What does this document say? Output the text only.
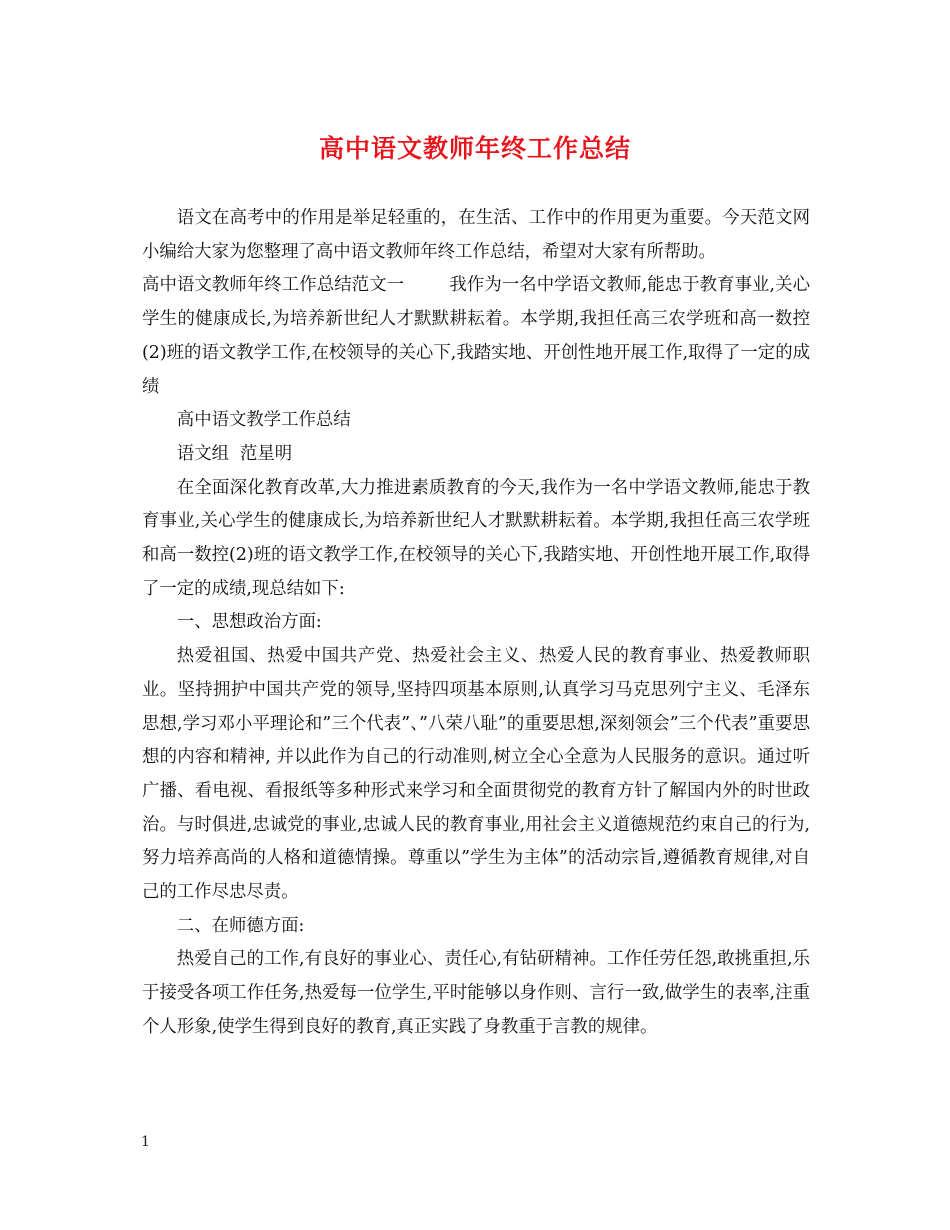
高中语文教师年终工作总结

语文在高考中的作用是举足轻重的，在生活、工作中的作用更为重要。今天范文网小编给大家为您整理了高中语文教师年终工作总结，希望对大家有所帮助。

高中语文教师年终工作总结范文一	我作为一名中学语文教师,能忠于教育事业,关心学生的健康成长,为培养新世纪人才默默耕耘着。本学期,我担任高三农学班和高一数控(2)班的语文教学工作,在校领导的关心下,我踏实地、开创性地开展工作,取得了一定的成绩

高中语文教学工作总结

语文组  范星明

在全面深化教育改革,大力推进素质教育的今天,我作为一名中学语文教师,能忠于教育事业,关心学生的健康成长,为培养新世纪人才默默耕耘着。本学期,我担任高三农学班和高一数控(2)班的语文教学工作,在校领导的关心下,我踏实地、开创性地开展工作,取得了一定的成绩,现总结如下:

一、思想政治方面:

热爱祖国、热爱中国共产党、热爱社会主义、热爱人民的教育事业、热爱教师职业。坚持拥护中国共产党的领导,坚持四项基本原则,认真学习马克思列宁主义、毛泽东思想,学习邓小平理论和”三个代表”、”八荣八耻”的重要思想,深刻领会”三个代表”重要思想的内容和精神, 并以此作为自己的行动准则,树立全心全意为人民服务的意识。通过听广播、看电视、看报纸等多种形式来学习和全面贯彻党的教育方针了解国内外的时世政治。与时俱进,忠诚党的事业,忠诚人民的教育事业,用社会主义道德规范约束自己的行为,努力培养高尚的人格和道德情操。尊重以”学生为主体”的活动宗旨,遵循教育规律,对自己的工作尽忠尽责。

二、在师德方面:

热爱自己的工作,有良好的事业心、责任心,有钻研精神。工作任劳任怨,敢挑重担,乐于接受各项工作任务,热爱每一位学生,平时能够以身作则、言行一致,做学生的表率,注重个人形象,使学生得到良好的教育,真正实践了身教重于言教的规律。

1
